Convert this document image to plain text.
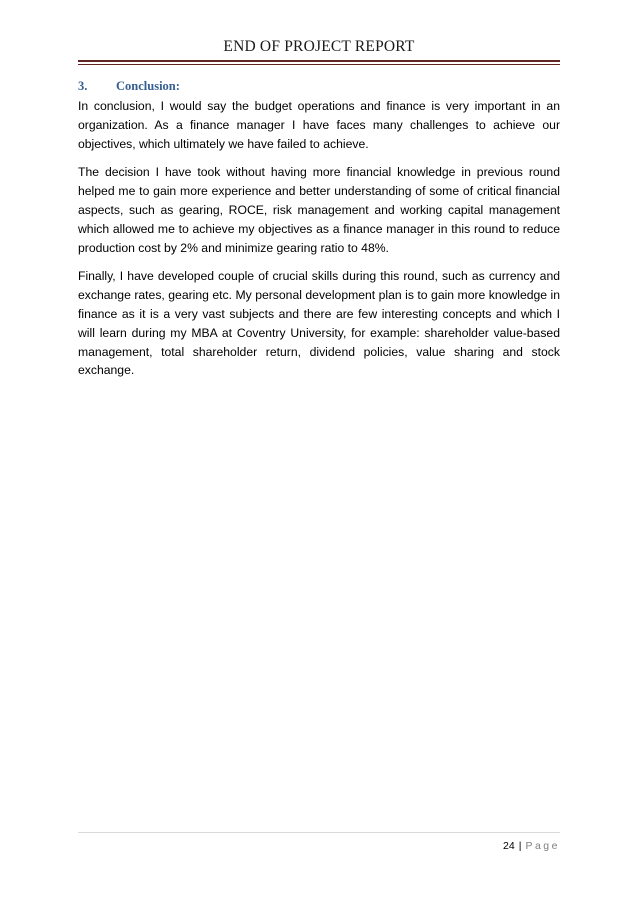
END OF PROJECT REPORT
3. Conclusion:

In conclusion, I would say the budget operations and finance is very important in an organization. As a finance manager I have faces many challenges to achieve our objectives, which ultimately we have failed to achieve.

The decision I have took without having more financial knowledge in previous round helped me to gain more experience and better understanding of some of critical financial aspects, such as gearing, ROCE, risk management and working capital management which allowed me to achieve my objectives as a finance manager in this round to reduce production cost by 2% and minimize gearing ratio to 48%.

Finally, I have developed couple of crucial skills during this round, such as currency and exchange rates, gearing etc. My personal development plan is to gain more knowledge in finance as it is a very vast subjects and there are few interesting concepts and which I will learn during my MBA at Coventry University, for example: shareholder value-based management, total shareholder return, dividend policies, value sharing and stock exchange.

24 | Page
